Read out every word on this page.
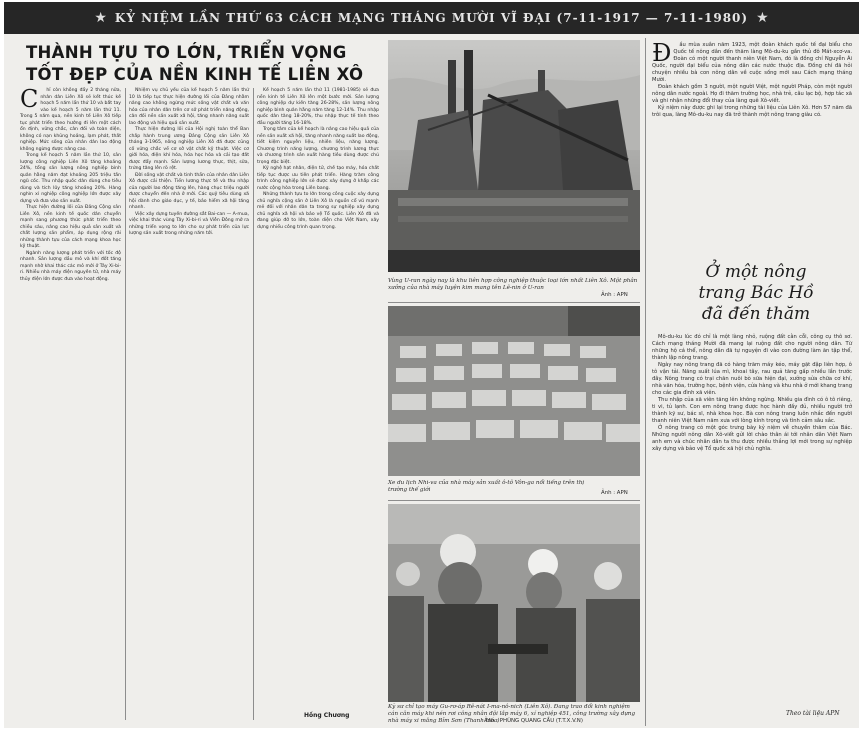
★ KỶ NIỆM LẦN THỨ 63 CÁCH MẠNG THÁNG MƯỜI VĨ ĐẠI (7-11-1917 — 7-11-1980) ★
THÀNH TỰU TO LỚN, TRIỂN VỌNG
TỐT ĐẸP CỦA NỀN KINH TẾ LIÊN XÔ
C	hỉ còn không đầy 2 tháng nữa, nhân dân Liên Xô sẽ kết thúc kế hoạch 5 năm lần thứ 10 và bắt tay vào kế hoạch 5 năm lần thứ 11. Trong 5 năm qua, nền kinh tế Liên Xô tiếp tục phát triển theo hướng đi lên một cách ổn định, vững chắc, cân đối và toàn diện, không có nạn khủng hoảng, lạm phát, thất nghiệp. Mức sống của nhân dân lao động không ngừng được nâng cao.

Trong kế hoạch 5 năm lần thứ 10, sản lượng công nghiệp Liên Xô tăng khoảng 24%, tổng sản lượng nông nghiệp bình quân hằng năm đạt khoảng 205 triệu tấn ngũ cốc. Thu nhập quốc dân dùng cho tiêu dùng và tích lũy tăng khoảng 20%. Hàng nghìn xí nghiệp công nghiệp lớn được xây dựng và đưa vào sản xuất.

Thực hiện đường lối của Đảng Cộng sản Liên Xô, nền kinh tế quốc dân chuyển mạnh sang phương thức phát triển theo chiều sâu, nâng cao hiệu quả sản xuất và chất lượng sản phẩm, áp dụng rộng rãi những thành tựu của cách mạng khoa học kỹ thuật.

Ngành năng lượng phát triển với tốc độ nhanh. Sản lượng dầu mỏ và khí đốt tăng mạnh nhờ khai thác các mỏ mới ở Tây Xi-bi-ri. Nhiều nhà máy điện nguyên tử, nhà máy thủy điện lớn được đưa vào hoạt động.

Nhiệm vụ chủ yếu của kế hoạch 5 năm lần thứ 10 là tiếp tục thực hiện đường lối của Đảng nhằm nâng cao không ngừng mức sống vật chất và văn hóa của nhân dân trên cơ sở phát triển năng động, cân đối nền sản xuất xã hội, tăng nhanh năng suất lao động và hiệu quả sản xuất.

Thực hiện đường lối của Hội nghị toàn thể Ban chấp hành trung ương Đảng Cộng sản Liên Xô tháng 3-1965, nông nghiệp Liên Xô đã được củng cố vững chắc về cơ sở vật chất kỹ thuật. Việc cơ giới hóa, điện khí hóa, hóa học hóa và cải tạo đất được đẩy mạnh. Sản lượng lương thực, thịt, sữa, trứng tăng lên rõ rệt.

Đời sống vật chất và tinh thần của nhân dân Liên Xô được cải thiện. Tiền lương thực tế và thu nhập của người lao động tăng lên, hàng chục triệu người được chuyển đến nhà ở mới. Các quỹ tiêu dùng xã hội dành cho giáo dục, y tế, bảo hiểm xã hội tăng nhanh.

Việc xây dựng tuyến đường sắt Bai-can — A-mua, việc khai thác vùng Tây Xi-bi-ri và Viễn Đông mở ra những triển vọng to lớn cho sự phát triển của lực lượng sản xuất trong những năm tới.

Kế hoạch 5 năm lần thứ 11 (1981-1985) sẽ đưa nền kinh tế Liên Xô lên một bước mới. Sản lượng công nghiệp dự kiến tăng 26-28%, sản lượng nông nghiệp bình quân hằng năm tăng 12-14%. Thu nhập quốc dân tăng 18-20%, thu nhập thực tế tính theo đầu người tăng 16-18%.

Trọng tâm của kế hoạch là nâng cao hiệu quả của nền sản xuất xã hội, tăng nhanh năng suất lao động, tiết kiệm nguyên liệu, nhiên liệu, năng lượng. Chương trình năng lượng, chương trình lương thực và chương trình sản xuất hàng tiêu dùng được chú trọng đặc biệt.

Kỹ nghệ hạt nhân, điện tử, chế tạo máy, hóa chất tiếp tục được ưu tiên phát triển. Hàng trăm công trình công nghiệp lớn sẽ được xây dựng ở khắp các nước cộng hòa trong Liên bang.

Những thành tựu to lớn trong công cuộc xây dựng chủ nghĩa cộng sản ở Liên Xô là nguồn cổ vũ mạnh mẽ đối với nhân dân ta trong sự nghiệp xây dựng chủ nghĩa xã hội và bảo vệ Tổ quốc. Liên Xô đã và đang giúp đỡ to lớn, toàn diện cho Việt Nam, xây dựng nhiều công trình quan trọng.

Hồng Chương
Vùng U-ran ngày nay là khu liên hợp công nghiệp thuộc loại lớn nhất Liên Xô. Một phân xưởng của nhà máy luyện kim mang tên Lê-nin ở U-ran
Xe du lịch Nhi-va của nhà máy sản xuất ô-tô Vôn-ga nổi tiếng trên thị trường thế giới	Ảnh : APN
Kỹ sư chỉ tạo máy Gu-rơ-áp Rê-nát I-ma-nô-nich (Liên Xô). Đang trao đổi kinh nghiệm cán cân máy khi nén rơi công nhân đội lắp máy 6, xí nghiệp 451, công trường xây dựng nhà máy xi măng Bỉm Sơn (Thanh Hóa)
Ảnh : PHÙNG QUANG CẦU (T.T.X.V.N)
Đ	ầu mùa xuân năm 1923, một đoàn khách quốc tế đại biểu cho Quốc tế nông dân đến thăm làng Mô-du-ku gần thủ đô Mát-xcơ-va. Đoàn có một người thanh niên Việt Nam, đó là đồng chí Nguyễn Ái Quốc, người đại biểu của nông dân các nước thuộc địa. Đồng chí đã hỏi chuyện nhiều bà con nông dân về cuộc sống mới sau Cách mạng tháng Mười.

Đoàn khách gồm 3 người, một người Việt, một người Pháp, còn một người nông dân nước ngoài. Họ đi thăm trường học, nhà trẻ, câu lạc bộ, hợp tác xã và ghi nhận những đổi thay của làng quê Xô-viết.

Kỷ niệm này được ghi lại trong những tài liệu của Liên Xô. Hơn 57 năm đã trôi qua, làng Mô-du-ku nay đã trở thành một nông trang giàu có.

Ở một nông
trang Bác Hồ
đã đến thăm

Mô-du-ku lúc đó chỉ là một làng nhỏ, ruộng đất cằn cỗi, công cụ thô sơ. Cách mạng tháng Mười đã mang lại ruộng đất cho người nông dân. Từ những hộ cá thể, nông dân đã tự nguyện đi vào con đường làm ăn tập thể, thành lập nông trang.

Ngày nay nông trang đã có hàng trăm máy kéo, máy gặt đập liên hợp, ô tô vận tải. Năng suất lúa mì, khoai tây, rau quả tăng gấp nhiều lần trước đây. Nông trang có trại chăn nuôi bò sữa hiện đại, xưởng sửa chữa cơ khí, nhà văn hóa, trường học, bệnh viện, cửa hàng và khu nhà ở mới khang trang cho các gia đình xã viên.

Thu nhập của xã viên tăng lên không ngừng. Nhiều gia đình có ô tô riêng, ti vi, tủ lạnh. Con em nông trang được học hành đầy đủ, nhiều người trở thành kỹ sư, bác sĩ, nhà khoa học. Bà con nông trang luôn nhắc đến người thanh niên Việt Nam năm xưa với lòng kính trọng và tình cảm sâu sắc.

Ở nông trang có một góc trưng bày kỷ niệm về chuyến thăm của Bác. Những người nông dân Xô-viết gửi lời chào thân ái tới nhân dân Việt Nam anh em và chúc nhân dân ta thu được nhiều thắng lợi mới trong sự nghiệp xây dựng và bảo vệ Tổ quốc xã hội chủ nghĩa.

Theo tài liệu APN
Ảnh : APN
